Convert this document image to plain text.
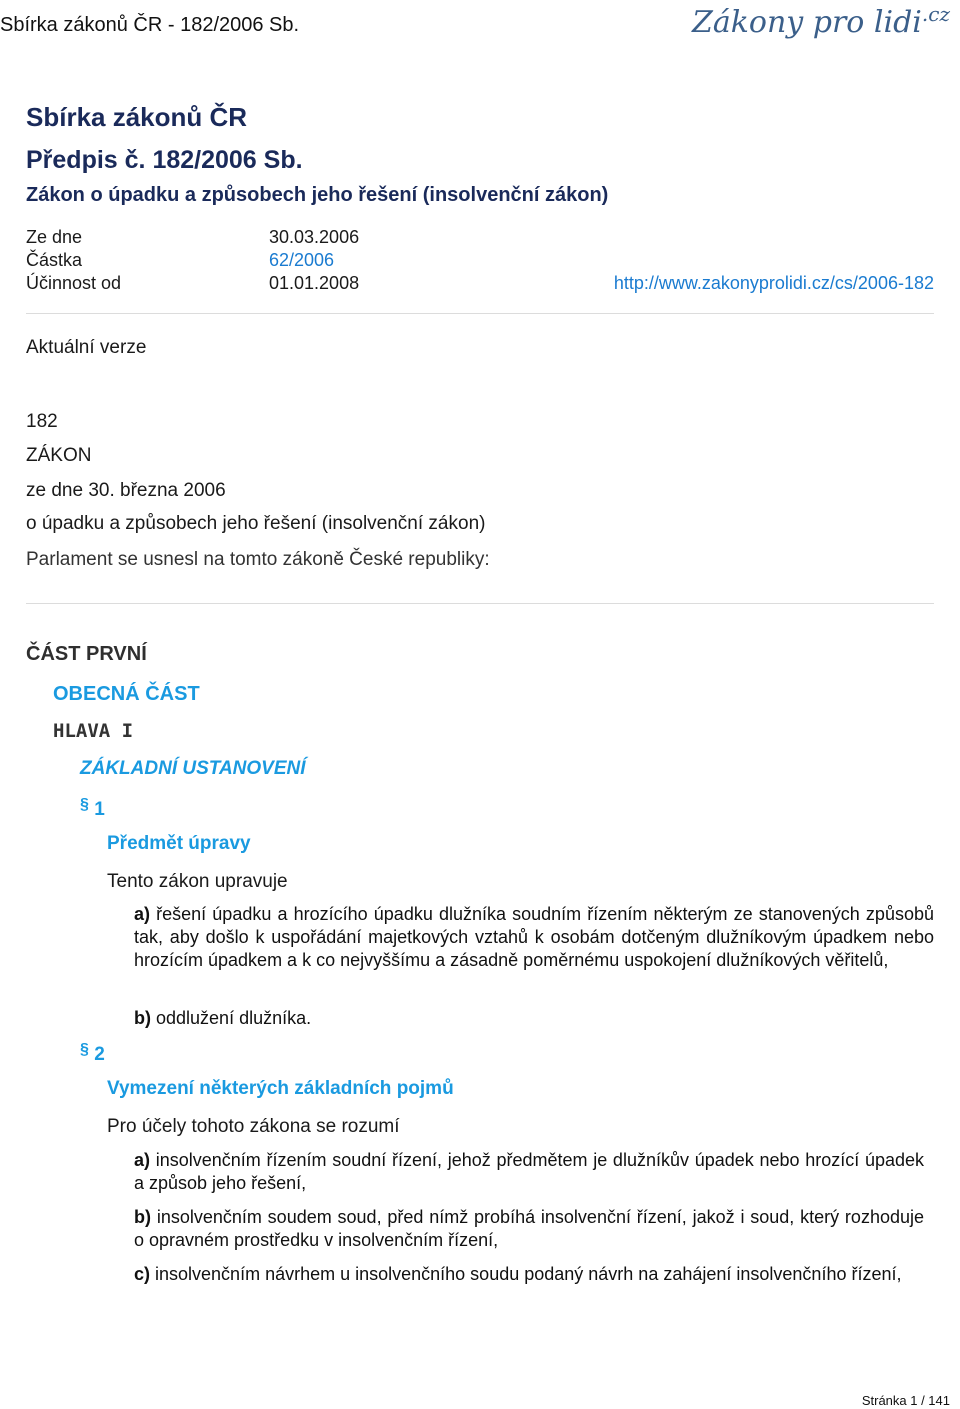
Sbírka zákonů ČR - 182/2006 Sb.	Zákony pro lidi$^{.cz}$
Sbírka zákonů ČR
Předpis č. 182/2006 Sb.
Zákon o úpadku a způsobech jeho řešení (insolvenční zákon)
Ze dne	30.03.2006
Částka	62/2006
Účinnost od	01.01.2008	http://www.zakonyprolidi.cz/cs/2006-182
Aktuální verze
182
ZÁKON
ze dne 30. března 2006
o úpadku a způsobech jeho řešení (insolvenční zákon)
Parlament se usnesl na tomto zákoně České republiky:
ČÁST PRVNÍ
OBECNÁ ČÁST
HLAVA I
ZÁKLADNÍ USTANOVENÍ
§ 1
Předmět úpravy
Tento zákon upravuje
a) řešení úpadku a hrozícího úpadku dlužníka soudním řízením některým ze stanovených způsobů tak, aby došlo k uspořádání majetkových vztahů k osobám dotčeným dlužníkovým úpadkem nebo hrozícím úpadkem a k co nejvyššímu a zásadně poměrnému uspokojení dlužníkových věřitelů,
b) oddlužení dlužníka.
§ 2
Vymezení některých základních pojmů
Pro účely tohoto zákona se rozumí
a) insolvenčním řízením soudní řízení, jehož předmětem je dlužníkův úpadek nebo hrozící úpadek a způsob jeho řešení,
b) insolvenčním soudem soud, před nímž probíhá insolvenční řízení, jakož i soud, který rozhoduje o opravném prostředku v insolvenčním řízení,
c) insolvenčním návrhem u insolvenčního soudu podaný návrh na zahájení insolvenčního řízení,
Stránka 1 / 141
